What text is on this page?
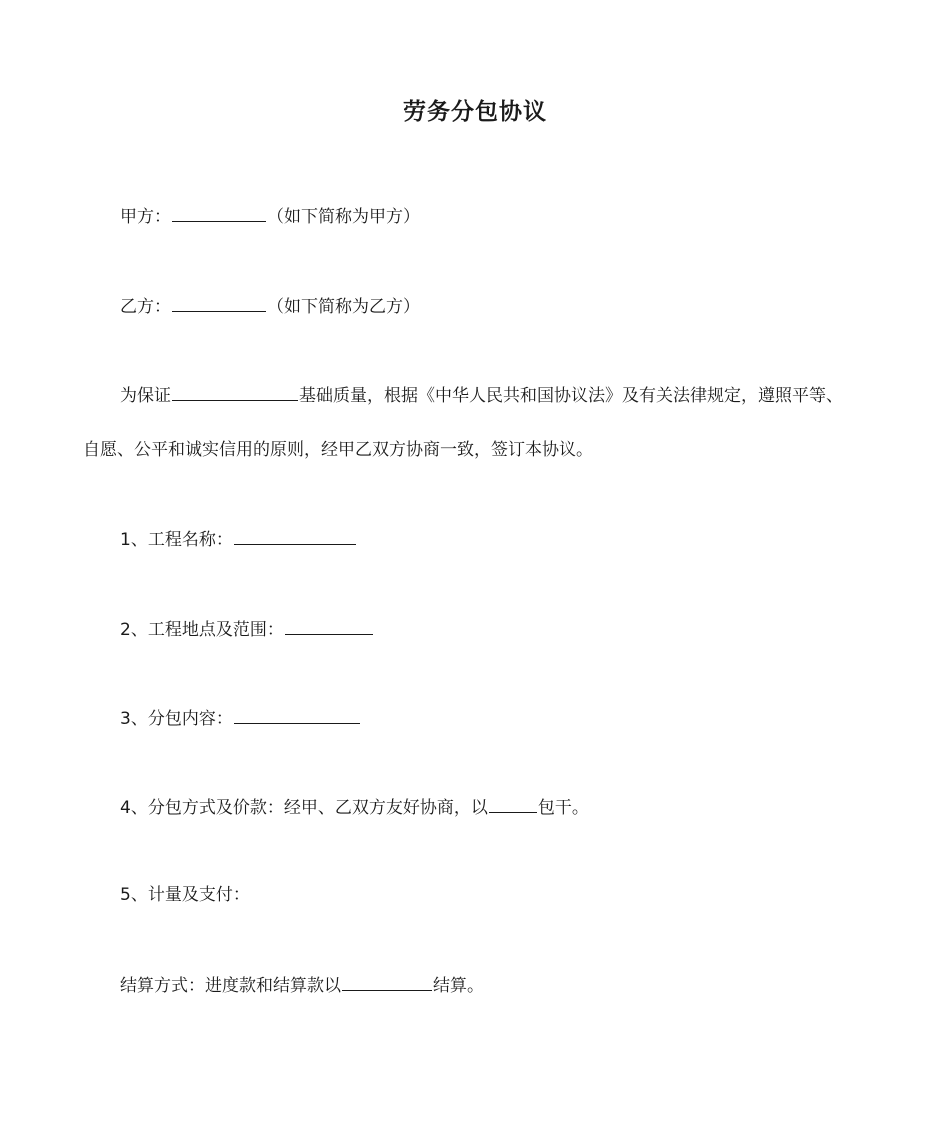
劳务分包协议
甲方：	（如下简称为甲方）
乙方：	（如下简称为乙方）
为保证	基础质量，根据《中华人民共和国协议法》及有关法律规定，遵照平等、
自愿、公平和诚实信用的原则，经甲乙双方协商一致，签订本协议。
1、工程名称：
2、工程地点及范围：
3、分包内容：
4、分包方式及价款：经甲、乙双方友好协商，以	包干。
5、计量及支付：
结算方式：进度款和结算款以	结算。
